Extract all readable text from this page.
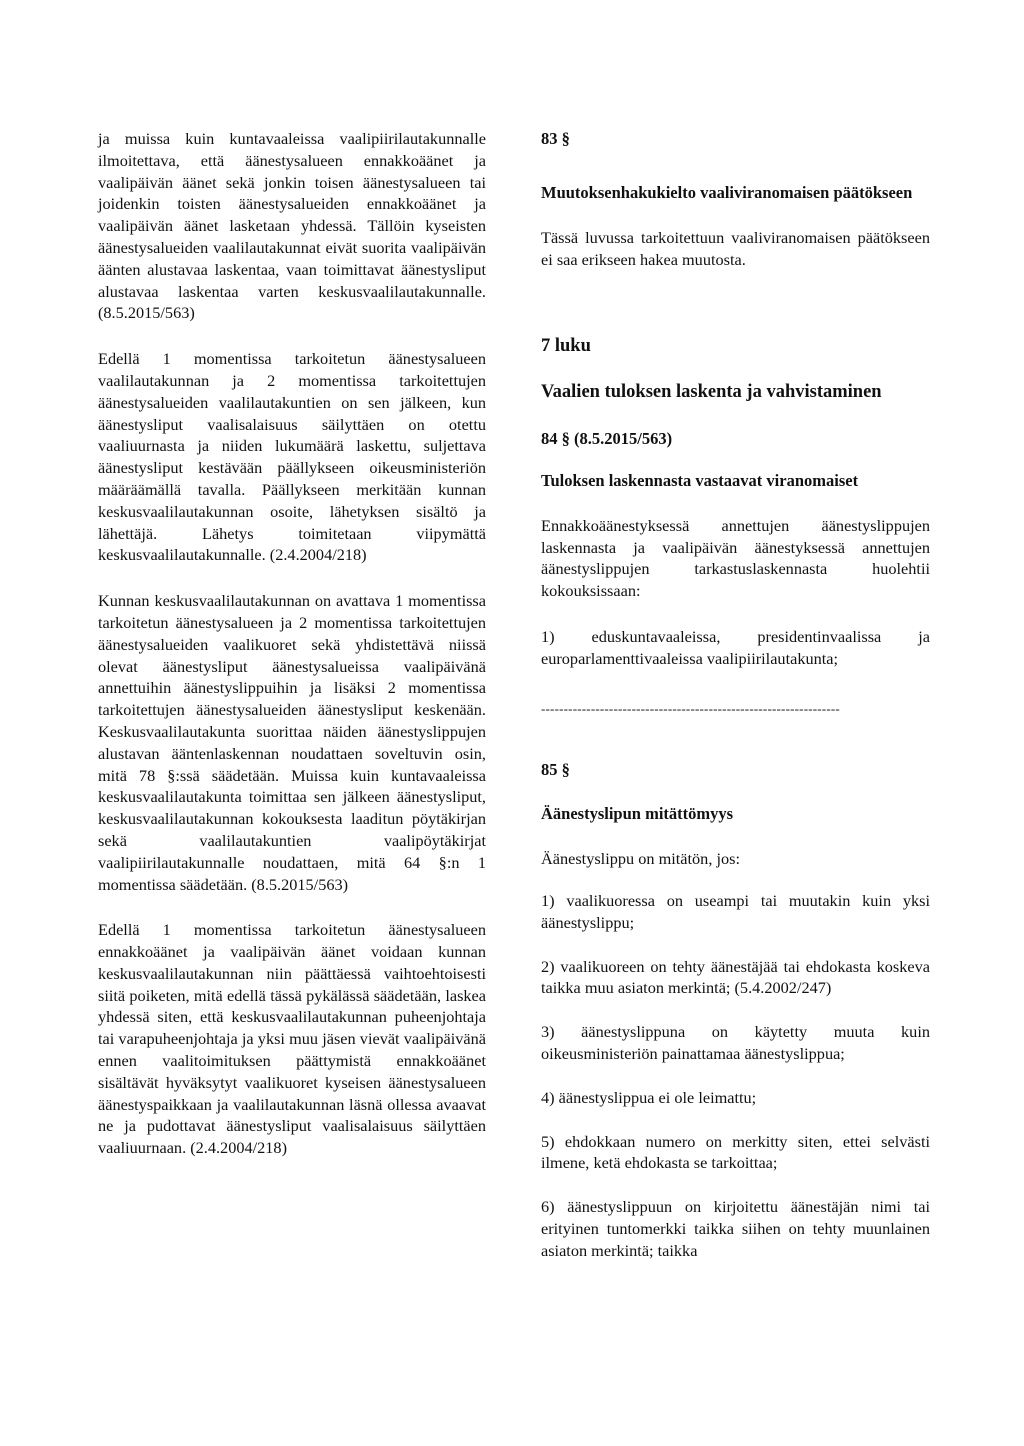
ja muissa kuin kuntavaaleissa vaalipiirilautakunnalle ilmoitettava, että äänestysalueen ennakkoäänet ja vaalipäivän äänet sekä jonkin toisen äänestysalueen tai joidenkin toisten äänestysalueiden ennakkoäänet ja vaalipäivän äänet lasketaan yhdessä. Tällöin kyseisten äänestysalueiden vaalilautakunnat eivät suorita vaalipäivän äänten alustavaa laskentaa, vaan toimittavat äänestysliput alustavaa laskentaa varten keskusvaalilautakunnalle. (8.5.2015/563)

Edellä 1 momentissa tarkoitetun äänestysalueen vaalilautakunnan ja 2 momentissa tarkoitettujen äänestysalueiden vaalilautakuntien on sen jälkeen, kun äänestysliput vaalisalaisuus säilyttäen on otettu vaaliuurnasta ja niiden lukumäärä laskettu, suljettava äänestysliput kestävään päällykseen oikeusministeriön määräämällä tavalla. Päällykseen merkitään kunnan keskusvaalilautakunnan osoite, lähetyksen sisältö ja lähettäjä. Lähetys toimitetaan viipymättä keskusvaalilautakunnalle. (2.4.2004/218)

Kunnan keskusvaalilautakunnan on avattava 1 momentissa tarkoitetun äänestysalueen ja 2 momentissa tarkoitettujen äänestysalueiden vaalikuoret sekä yhdistettävä niissä olevat äänestysliput äänestysalueissa vaalipäivänä annettuihin äänestyslippuihin ja lisäksi 2 momentissa tarkoitettujen äänestysalueiden äänestysliput keskenään. Keskusvaalilautakunta suorittaa näiden äänestyslippujen alustavan ääntenlaskennan noudattaen soveltuvin osin, mitä 78 §:ssä säädetään. Muissa kuin kuntavaaleissa keskusvaalilautakunta toimittaa sen jälkeen äänestysliput, keskusvaalilautakunnan kokouksesta laaditun pöytäkirjan sekä vaalilautakuntien vaalipöytäkirjat vaalipiirilautakunnalle noudattaen, mitä 64 §:n 1 momentissa säädetään. (8.5.2015/563)

Edellä 1 momentissa tarkoitetun äänestysalueen ennakkoäänet ja vaalipäivän äänet voidaan kunnan keskusvaalilautakunnan niin päättäessä vaihtoehtoisesti siitä poiketen, mitä edellä tässä pykälässä säädetään, laskea yhdessä siten, että keskusvaalilautakunnan puheenjohtaja tai varapuheenjohtaja ja yksi muu jäsen vievät vaalipäivänä ennen vaalitoimituksen päättymistä ennakkoäänet sisältävät hyväksytyt vaalikuoret kyseisen äänestysalueen äänestyspaikkaan ja vaalilautakunnan läsnä ollessa avaavat ne ja pudottavat äänestysliput vaalisalaisuus säilyttäen vaaliuurnaan. (2.4.2004/218)

83 §

Muutoksenhakukielto vaaliviranomaisen päätökseen

Tässä luvussa tarkoitettuun vaaliviranomaisen päätökseen ei saa erikseen hakea muutosta.

7 luku

Vaalien tuloksen laskenta ja vahvistaminen

84 § (8.5.2015/563)

Tuloksen laskennasta vastaavat viranomaiset

Ennakkoäänestyksessä annettujen äänestyslippujen laskennasta ja vaalipäivän äänestyksessä annettujen äänestyslippujen tarkastuslaskennasta huolehtii kokouksissaan:

1) eduskuntavaaleissa, presidentinvaalissa ja europarlamenttivaaleissa vaalipiirilautakunta;

------------------------------------------------------------------

85 §

Äänestyslipun mitättömyys

Äänestyslippu on mitätön, jos:

1) vaalikuoressa on useampi tai muutakin kuin yksi äänestyslippu;

2) vaalikuoreen on tehty äänestäjää tai ehdokasta koskeva taikka muu asiaton merkintä; (5.4.2002/247)

3) äänestyslippuna on käytetty muuta kuin oikeusministeriön painattamaa äänestyslippua;

4) äänestyslippua ei ole leimattu;

5) ehdokkaan numero on merkitty siten, ettei selvästi ilmene, ketä ehdokasta se tarkoittaa;

6) äänestyslippuun on kirjoitettu äänestäjän nimi tai erityinen tuntomerkki taikka siihen on tehty muunlainen asiaton merkintä; taikka
